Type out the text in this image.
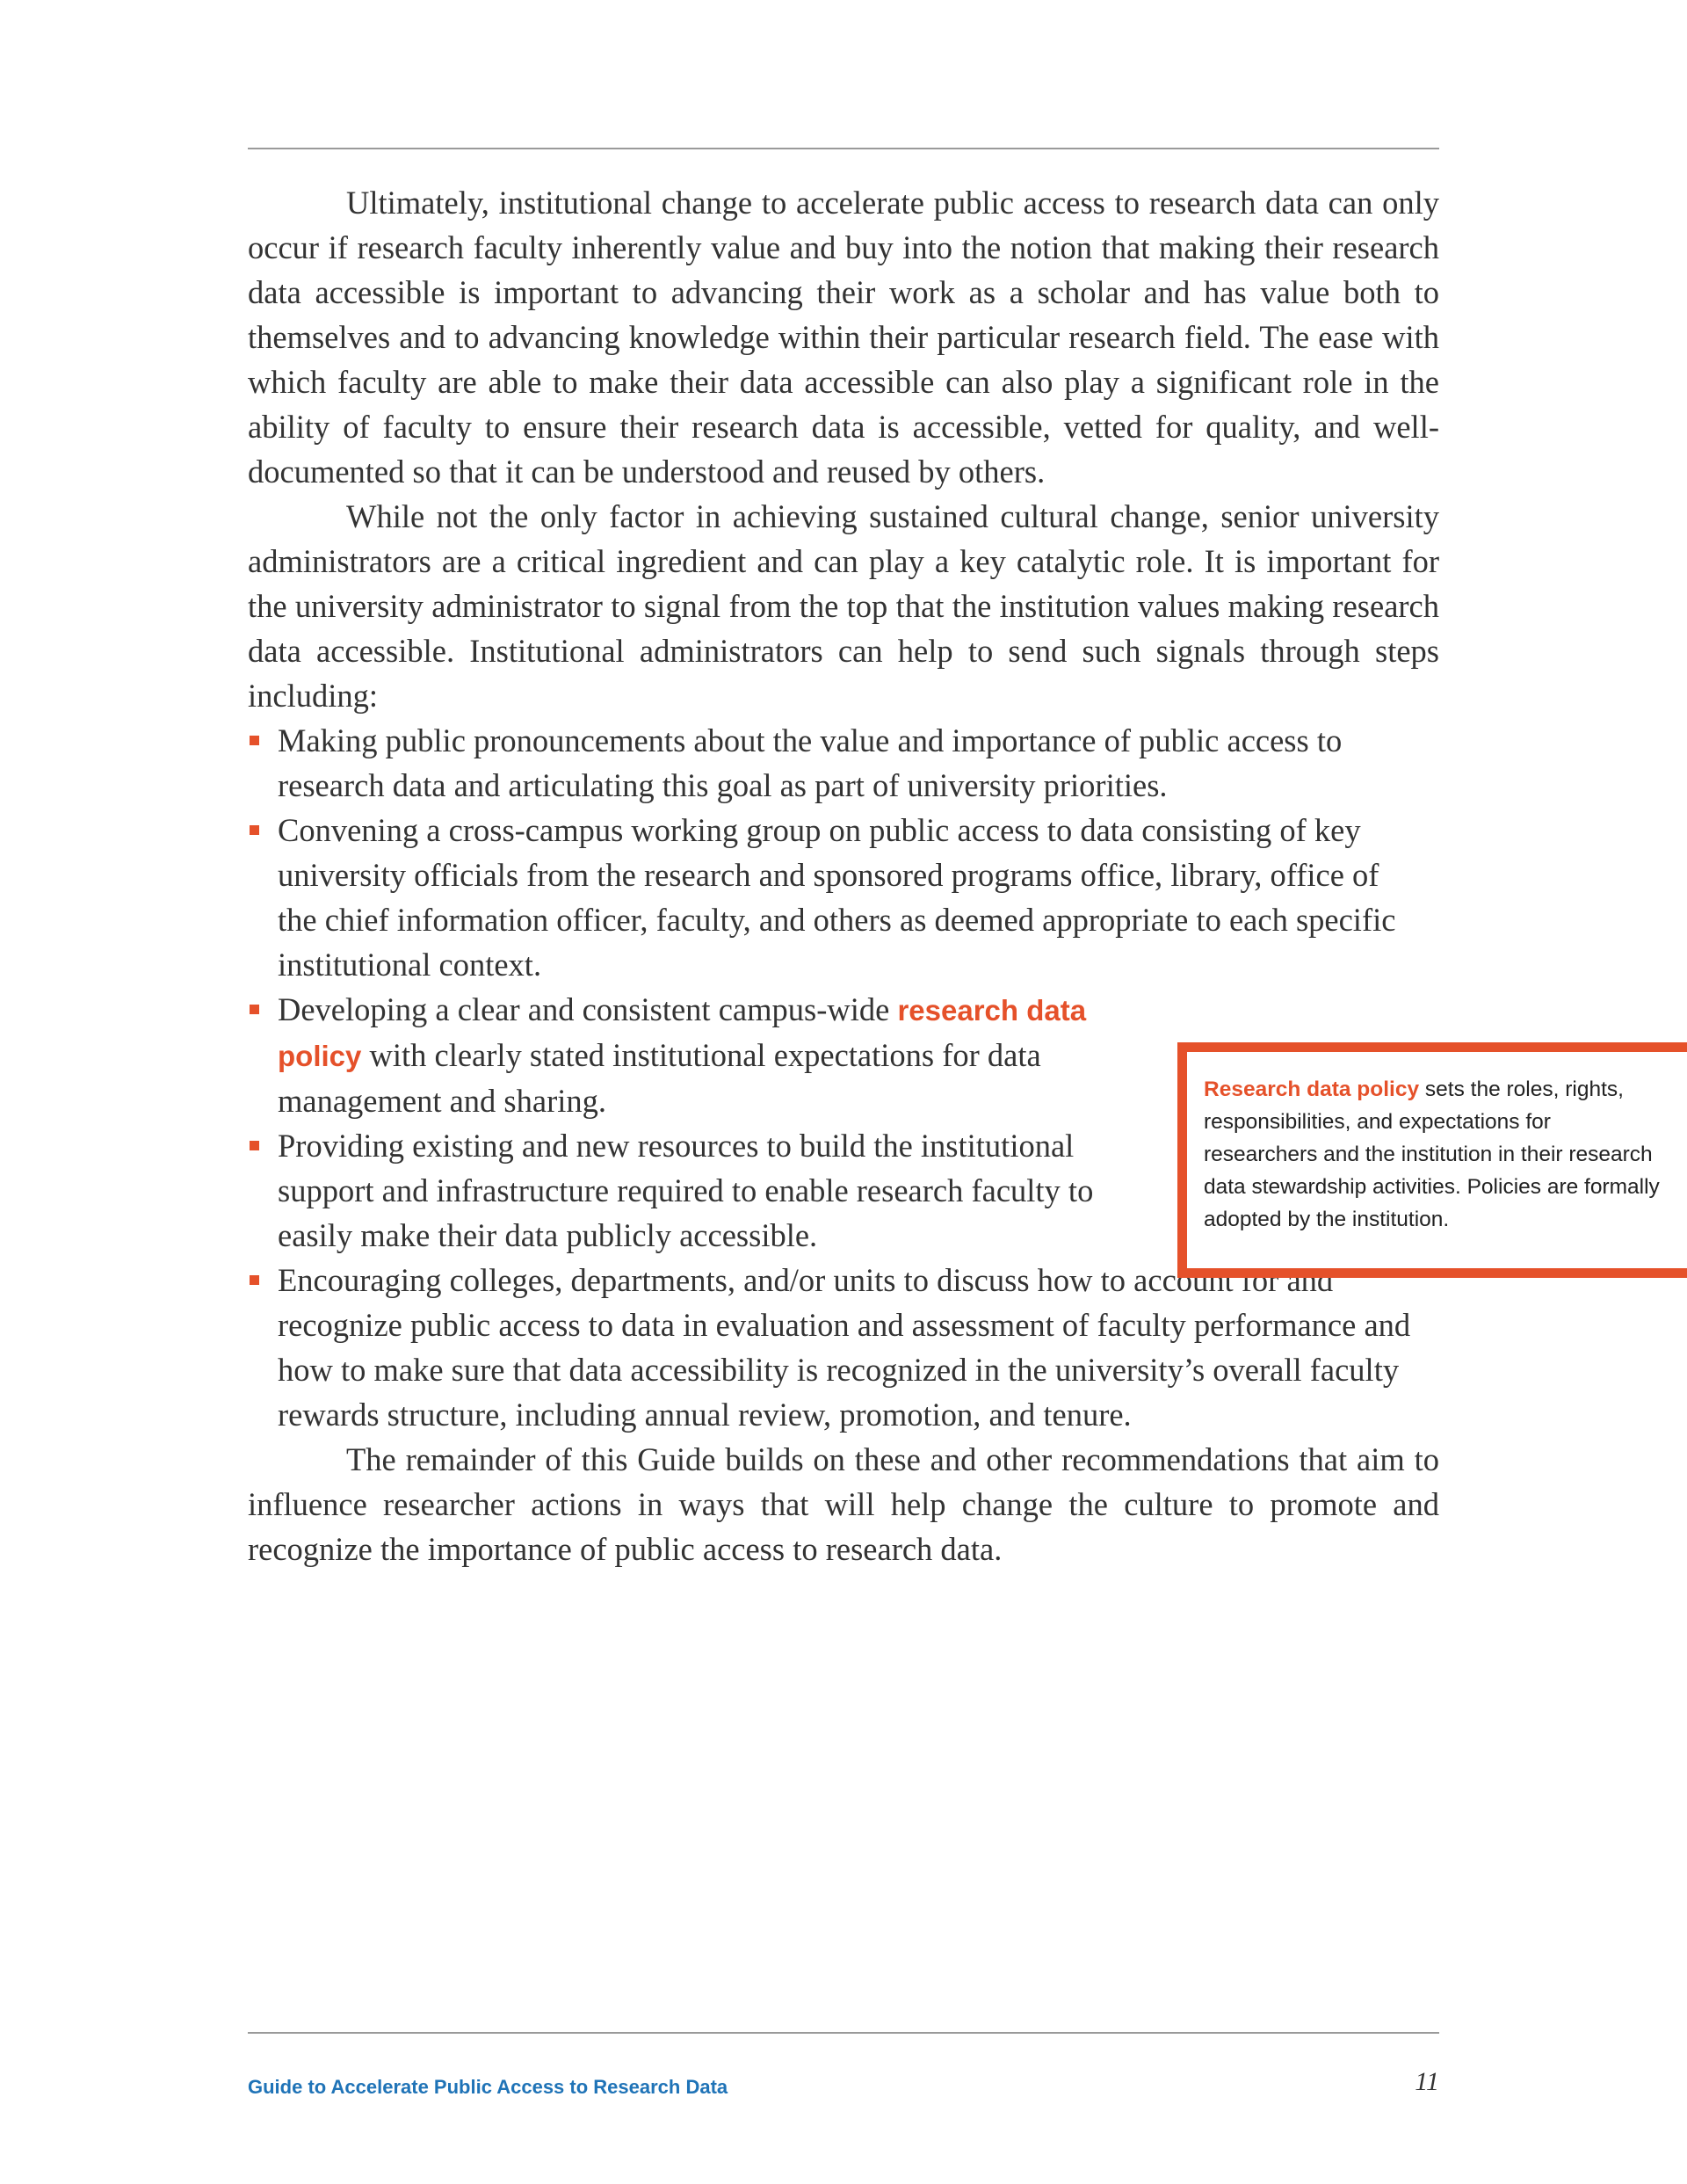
Ultimately, institutional change to accelerate public access to research data can only occur if research faculty inherently value and buy into the notion that making their research data accessible is important to advancing their work as a scholar and has value both to themselves and to advancing knowledge within their particular research field. The ease with which faculty are able to make their data accessible can also play a significant role in the ability of faculty to ensure their research data is accessible, vetted for quality, and well-documented so that it can be understood and reused by others.

While not the only factor in achieving sustained cultural change, senior university administrators are a critical ingredient and can play a key catalytic role. It is important for the university administrator to signal from the top that the institution values making research data accessible. Institutional administrators can help to send such signals through steps including:

Making public pronouncements about the value and importance of public access to research data and articulating this goal as part of university priorities.
Convening a cross-campus working group on public access to data consisting of key university officials from the research and sponsored programs office, library, office of the chief information officer, faculty, and others as deemed appropriate to each specific institutional context.
Developing a clear and consistent campus-wide research data policy with clearly stated institutional expectations for data management and sharing.
Providing existing and new resources to build the institutional support and infrastructure required to enable research faculty to easily make their data publicly accessible.
Encouraging colleges, departments, and/or units to discuss how to account for and recognize public access to data in evaluation and assessment of faculty performance and how to make sure that data accessibility is recognized in the university’s overall faculty rewards structure, including annual review, promotion, and tenure.

The remainder of this Guide builds on these and other recommendations that aim to influence researcher actions in ways that will help change the culture to promote and recognize the importance of public access to research data.

Research data policy sets the roles, rights, responsibilities, and expectations for researchers and the institution in their research data stewardship activities. Policies are formally adopted by the institution.
Guide to Accelerate Public Access to Research Data	11
